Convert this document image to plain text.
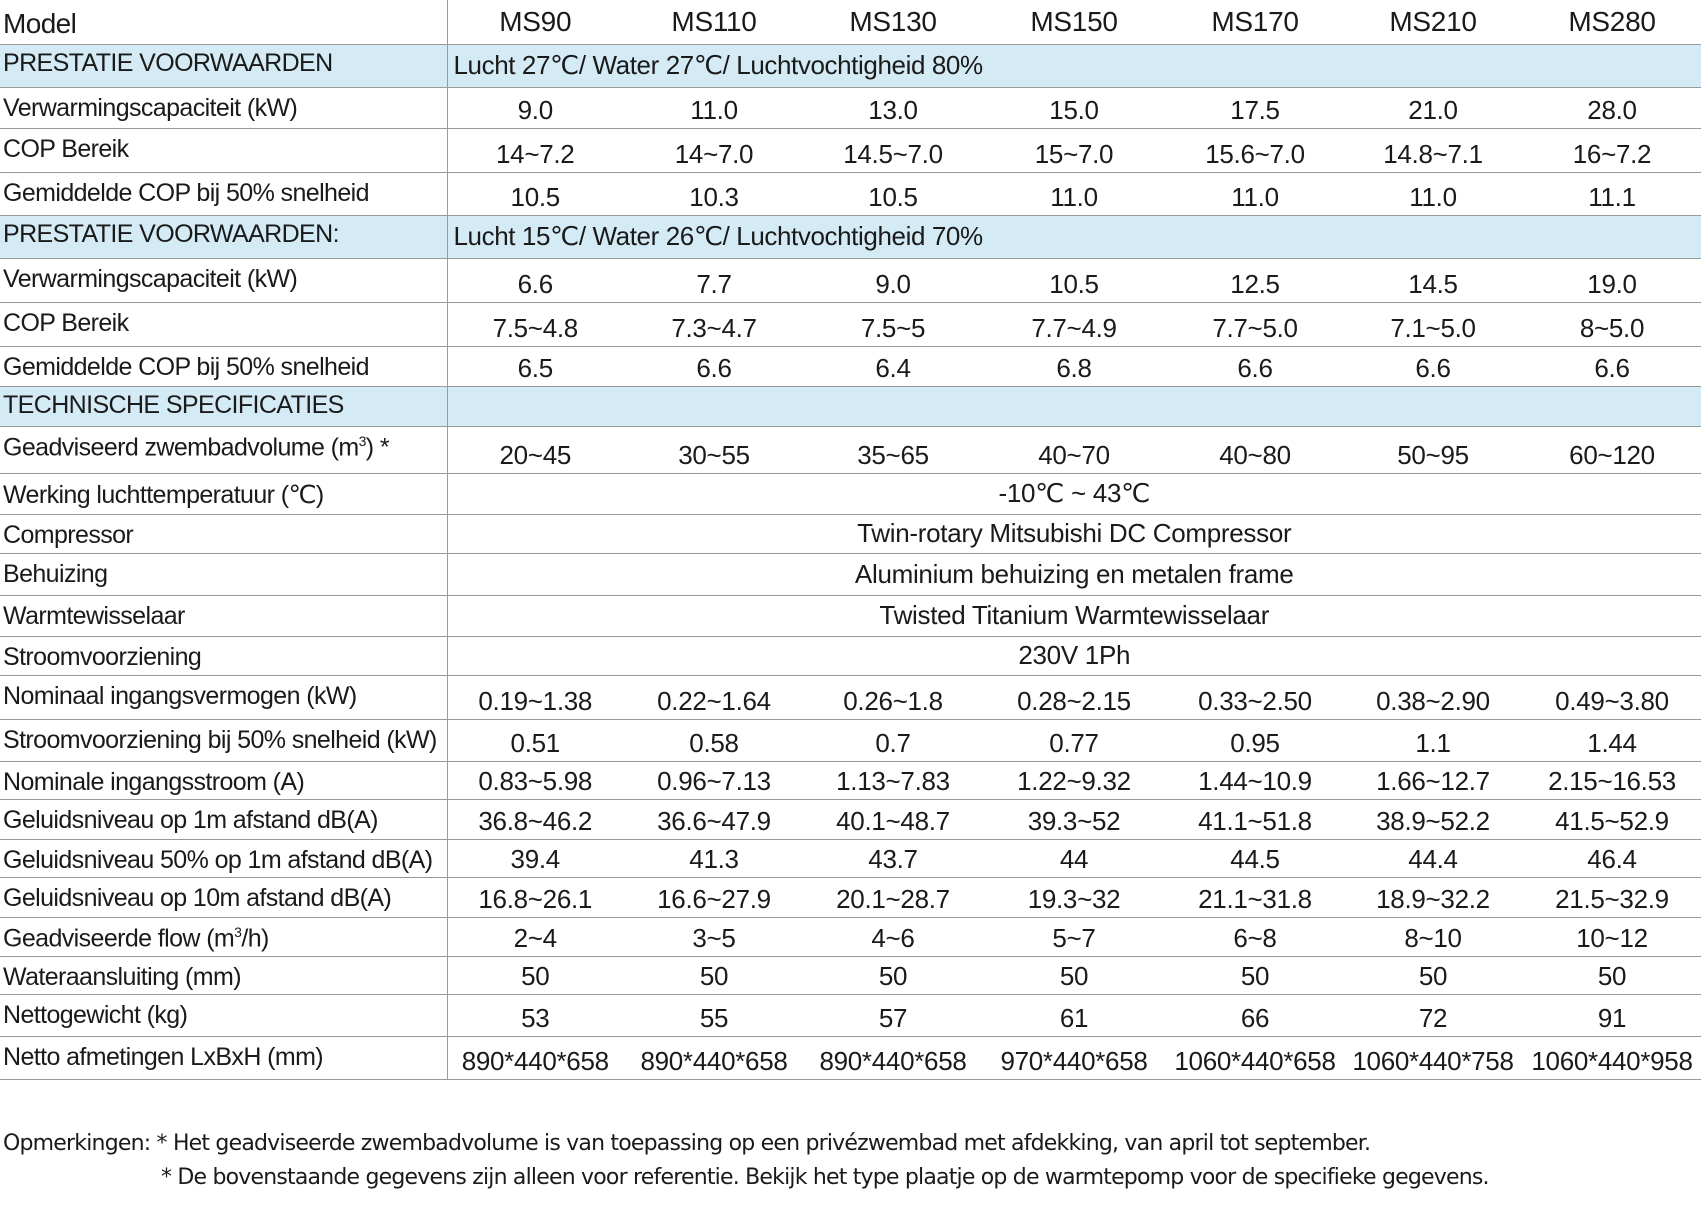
Model	MS90	MS110	MS130	MS150	MS170	MS210	MS280
PRESTATIE VOORWAARDEN	Lucht 27℃/ Water 27℃/ Luchtvochtigheid 80%						
Verwarmingscapaciteit (kW)	9.0	11.0	13.0	15.0	17.5	21.0	28.0
COP Bereik	14~7.2	14~7.0	14.5~7.0	15~7.0	15.6~7.0	14.8~7.1	16~7.2
Gemiddelde COP bij 50% snelheid	10.5	10.3	10.5	11.0	11.0	11.0	11.1
PRESTATIE VOORWAARDEN:	Lucht 15℃/ Water 26℃/ Luchtvochtigheid 70%						
Verwarmingscapaciteit (kW)	6.6	7.7	9.0	10.5	12.5	14.5	19.0
COP Bereik	7.5~4.8	7.3~4.7	7.5~5	7.7~4.9	7.7~5.0	7.1~5.0	8~5.0
Gemiddelde COP bij 50% snelheid	6.5	6.6	6.4	6.8	6.6	6.6	6.6
TECHNISCHE SPECIFICATIES							
Geadviseerd zwembadvolume $(m^3)$ *	20~45	30~55	35~65	40~70	40~80	50~95	60~120
Werking luchttemperatuur (℃)	-10℃ ~ 43℃						
Compressor	Twin-rotary Mitsubishi DC Compressor						
Behuizing	Aluminium behuizing en metalen frame						
Warmtewisselaar	Twisted Titanium Warmtewisselaar						
Stroomvoorziening	230V 1Ph						
Nominaal ingangsvermogen (kW)	0.19~1.38	0.22~1.64	0.26~1.8	0.28~2.15	0.33~2.50	0.38~2.90	0.49~3.80
Stroomvoorziening bij 50% snelheid (kW)	0.51	0.58	0.7	0.77	0.95	1.1	1.44
Nominale ingangsstroom (A)	0.83~5.98	0.96~7.13	1.13~7.83	1.22~9.32	1.44~10.9	1.66~12.7	2.15~16.53
Geluidsniveau op 1m afstand dB(A)	36.8~46.2	36.6~47.9	40.1~48.7	39.3~52	41.1~51.8	38.9~52.2	41.5~52.9
Geluidsniveau 50% op 1m afstand dB(A)	39.4	41.3	43.7	44	44.5	44.4	46.4
Geluidsniveau op 10m afstand dB(A)	16.8~26.1	16.6~27.9	20.1~28.7	19.3~32	21.1~31.8	18.9~32.2	21.5~32.9
Geadviseerde flow $(m^3/h)$	2~4	3~5	4~6	5~7	6~8	8~10	10~12
Wateraansluiting (mm)	50	50	50	50	50	50	50
Nettogewicht (kg)	53	55	57	61	66	72	91
Netto afmetingen LxBxH (mm)	890*440*658	890*440*658	890*440*658	970*440*658	1060*440*658	1060*440*758	1060*440*958
Opmerkingen: * Het geadviseerde zwembadvolume is van toepassing op een privézwembad met afdekking, van april tot september.
* De bovenstaande gegevens zijn alleen voor referentie. Bekijk het type plaatje op de warmtepomp voor de specifieke gegevens.
